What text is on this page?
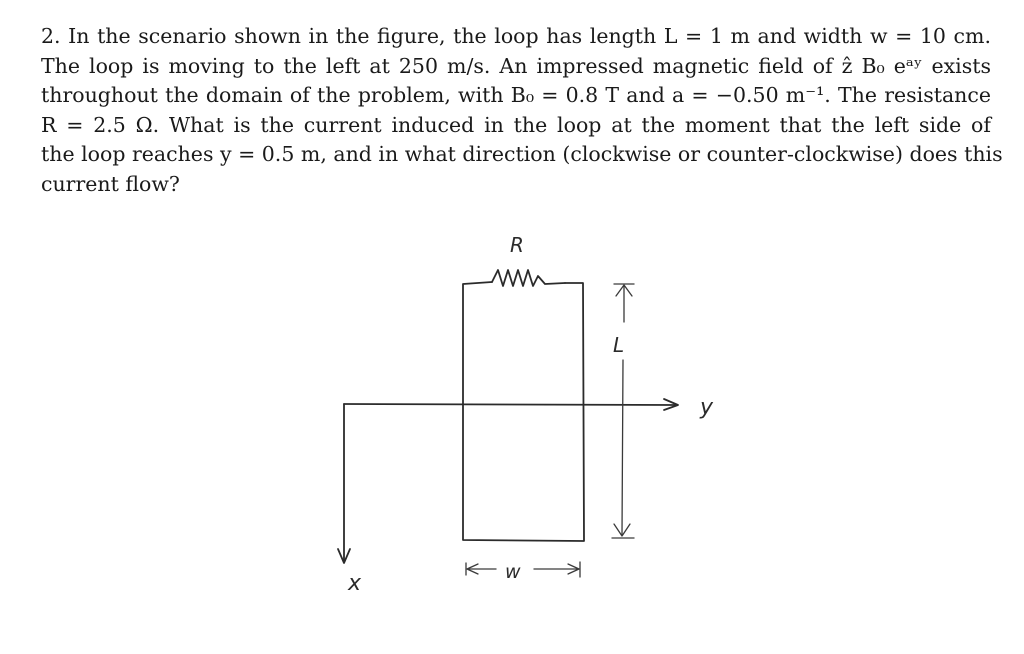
2. In the scenario shown in the figure, the loop has length L = 1 m and width w = 10 cm.
The loop is moving to the left at 250 m/s. An impressed magnetic field of ẑ B₀ eᵃʸ exists
throughout the domain of the problem, with B₀ = 0.8 T and a = −0.50 m⁻¹. The resistance
R = 2.5 Ω. What is the current induced in the loop at the moment that the left side of
the loop reaches y = 0.5 m, and in what direction (clockwise or counter-clockwise) does this
current flow?
y
x
R
L
w
